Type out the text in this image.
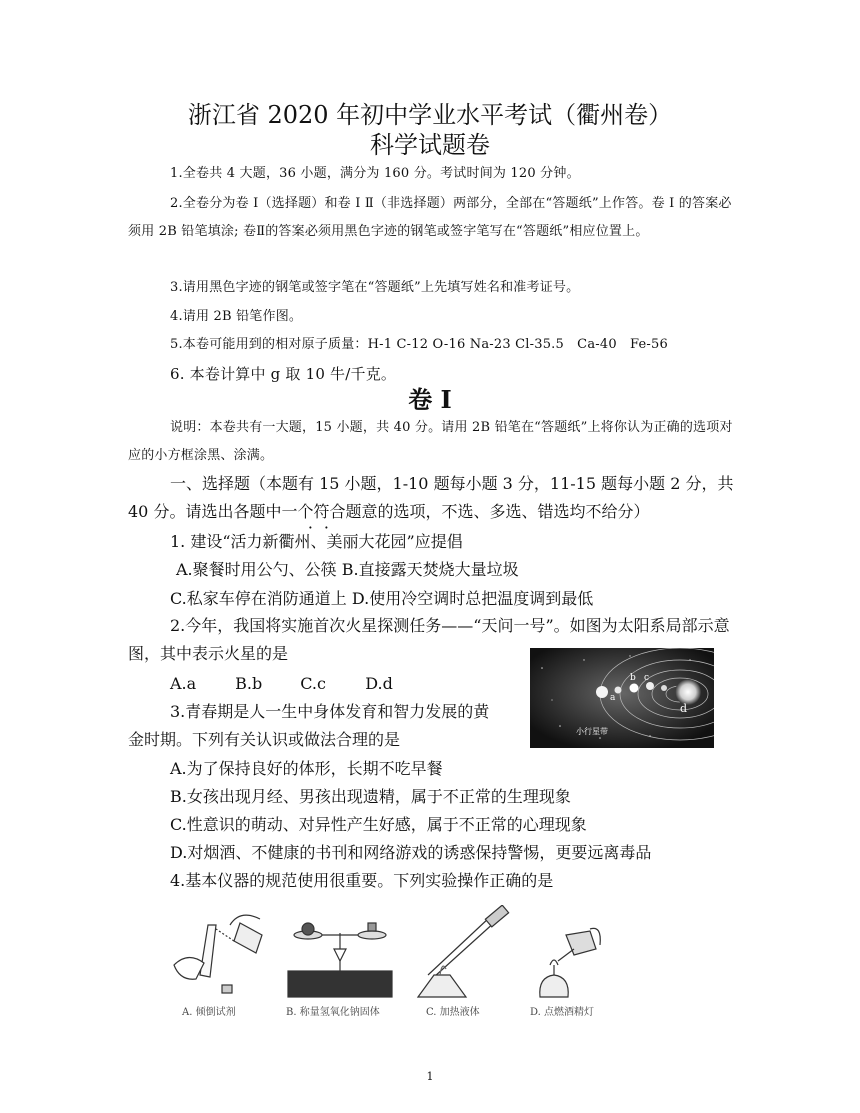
浙江省 2020 年初中学业水平考试（衢州卷）
科学试题卷
1.全卷共 4 大题，36 小题，满分为 160 分。考试时间为 120 分钟。
2.全卷分为卷 I（选择题）和卷 I Ⅱ（非选择题）两部分，全部在“答题纸”上作答。卷 I 的答案必须用 2B 铅笔填涂; 卷Ⅱ的答案必须用黑色字迹的钢笔或签字笔写在“答题纸”相应位置上。
3.请用黑色字迹的钢笔或签字笔在“答题纸”上先填写姓名和准考证号。
4.请用 2B 铅笔作图。
5.本卷可能用到的相对原子质量：H-1 C-12 O-16 Na-23 Cl-35.5　Ca-40　Fe-56
6. 本卷计算中 g 取 10 牛/千克。
卷 I
说明：本卷共有一大题，15 小题，共 40 分。请用 2B 铅笔在“答题纸”上将你认为正确的选项对应的小方框涂黑、涂满。
一、选择题（本题有 15 小题，1-10 题每小题 3 分，11-15 题每小题 2 分，共 40 分。请选出各题中一个符合题意的选项，不选、多选、错选均不给分）
1. 建设“活力新衢州、美丽大花园”应提倡
A.聚餐时用公勺、公筷 B.直接露天焚烧大量垃圾
C.私家车停在消防通道上 D.使用冷空调时总把温度调到最低
2.今年，我国将实施首次火星探测任务——“天问一号”。如图为太阳系局部示意图，其中表示火星的是
A.a B.b C.c D.d
a
b c
d
小行星带
3.青春期是人一生中身体发育和智力发展的黄
金时期。下列有关认识或做法合理的是
A.为了保持良好的体形，长期不吃早餐
B.女孩出现月经、男孩出现遗精，属于不正常的生理现象
C.性意识的萌动、对异性产生好感，属于不正常的心理现象
D.对烟酒、不健康的书刊和网络游戏的诱惑保持警惕，更要远离毒品
4.基本仪器的规范使用很重要。下列实验操作正确的是
A. 倾倒试剂	B. 称量氢氧化钠固体	C. 加热液体	D. 点燃酒精灯
1
